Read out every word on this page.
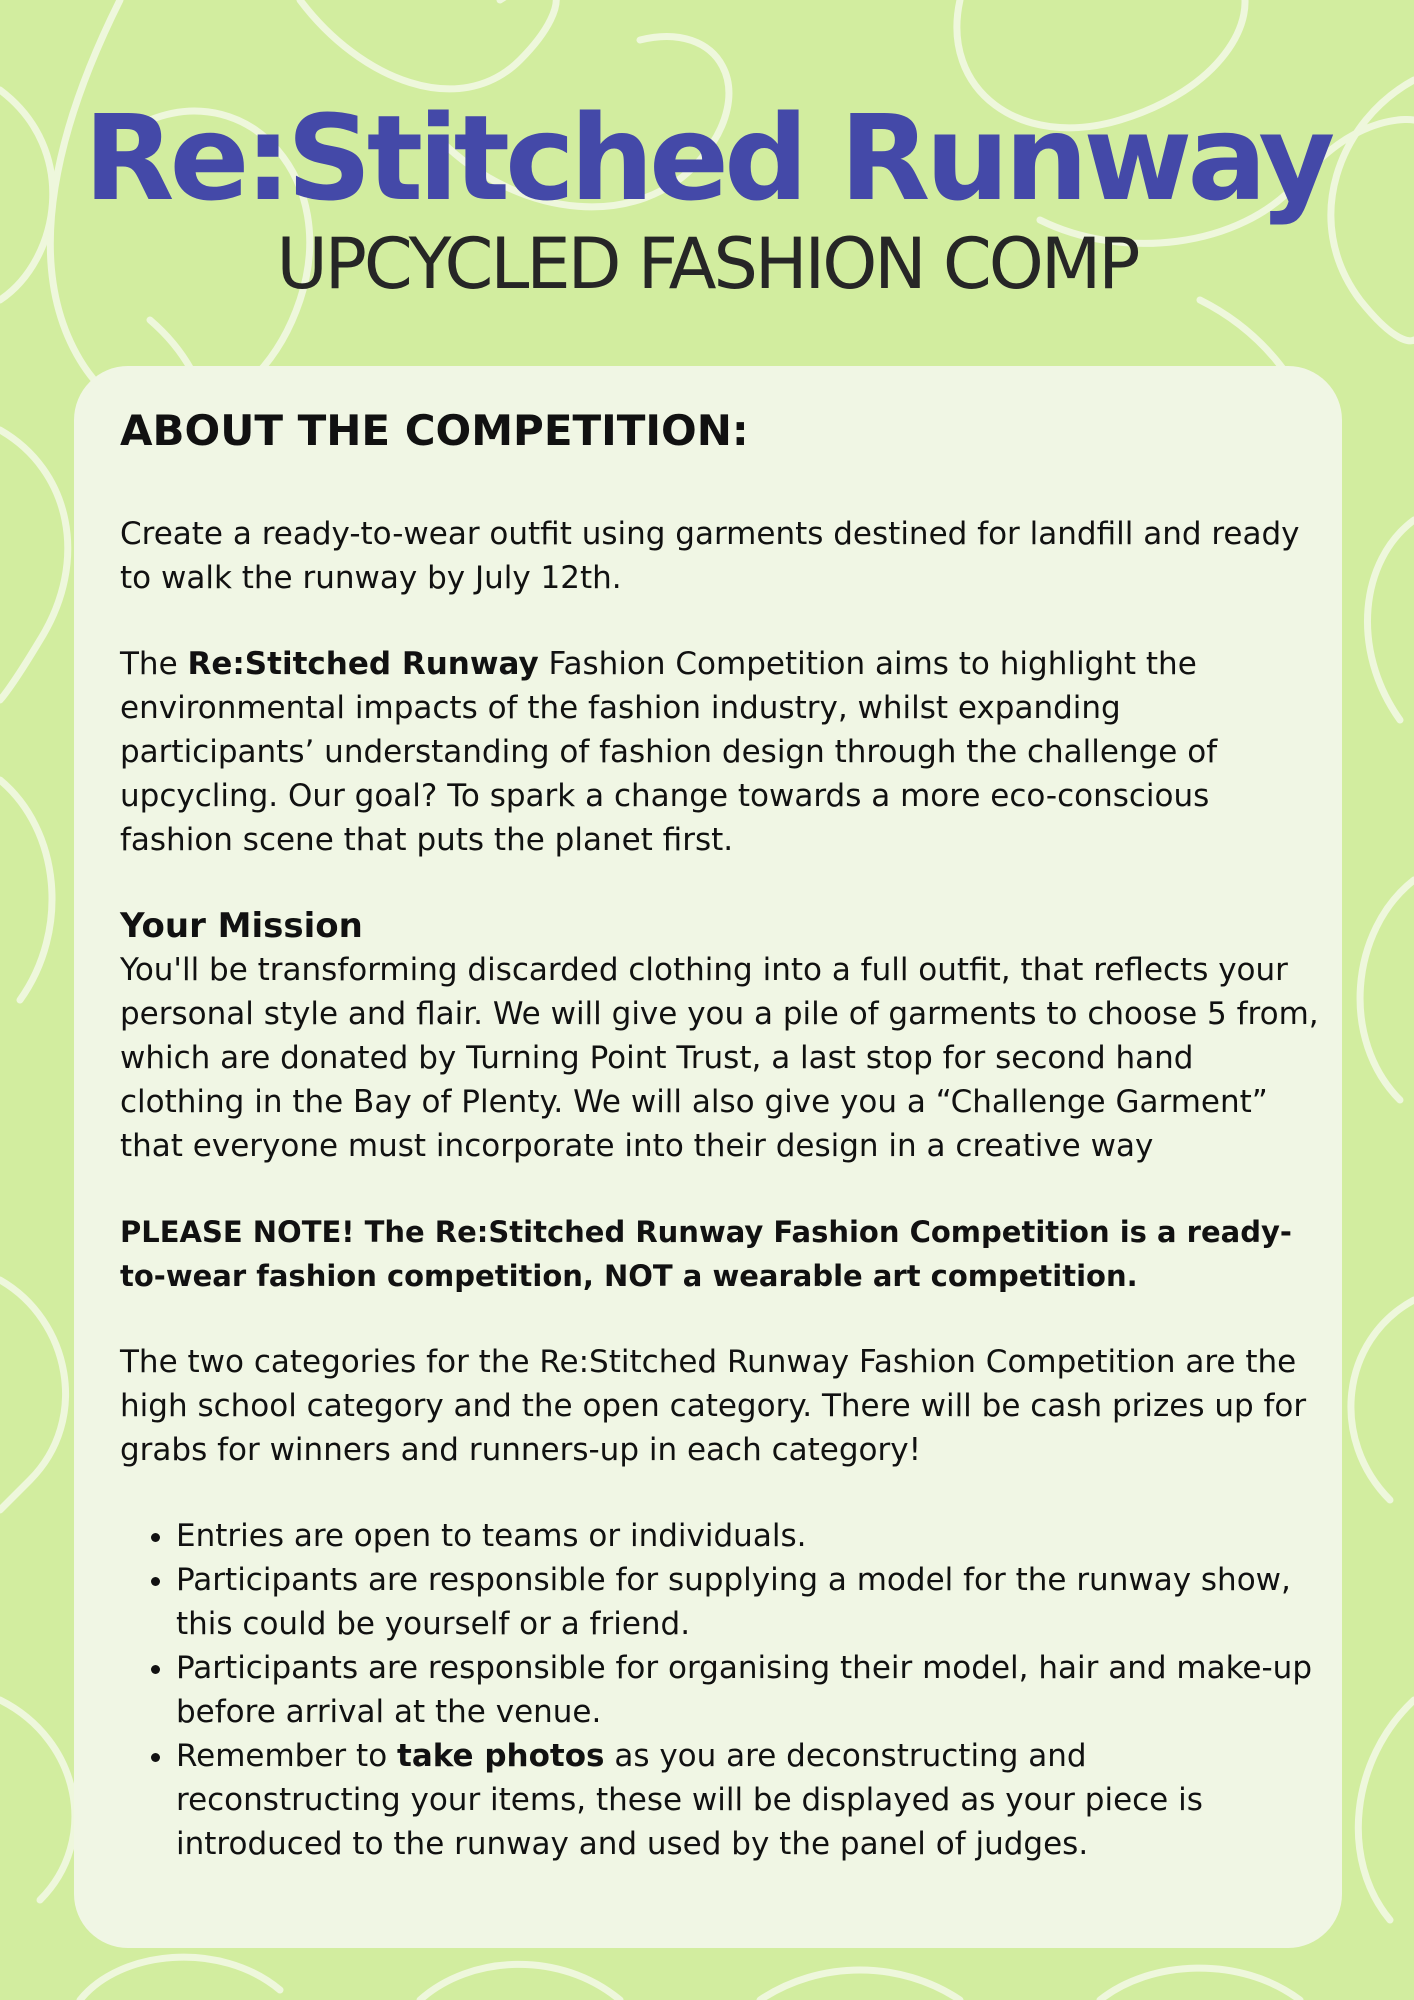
Re:Stitched Runway
UPCYCLED FASHION COMP
ABOUT THE COMPETITION:

Create a ready-to-wear outfit using garments destined for landfill and ready to walk the runway by July 12th.

The Re:Stitched Runway Fashion Competition aims to highlight the environmental impacts of the fashion industry, whilst expanding participants’ understanding of fashion design through the challenge of upcycling. Our goal? To spark a change towards a more eco-conscious fashion scene that puts the planet first.

Your Mission

You'll be transforming discarded clothing into a full outfit, that reflects your personal style and flair. We will give you a pile of garments to choose 5 from, which are donated by Turning Point Trust, a last stop for second hand clothing in the Bay of Plenty. We will also give you a “Challenge Garment” that everyone must incorporate into their design in a creative way

PLEASE NOTE! The Re:Stitched Runway Fashion Competition is a ready-to-wear fashion competition, NOT a wearable art competition.

The two categories for the Re:Stitched Runway Fashion Competition are the high school category and the open category. There will be cash prizes up for grabs for winners and runners-up in each category!

• Entries are open to teams or individuals.
• Participants are responsible for supplying a model for the runway show, this could be yourself or a friend.
• Participants are responsible for organising their model, hair and make-up before arrival at the venue.
• Remember to take photos as you are deconstructing and reconstructing your items, these will be displayed as your piece is introduced to the runway and used by the panel of judges.
